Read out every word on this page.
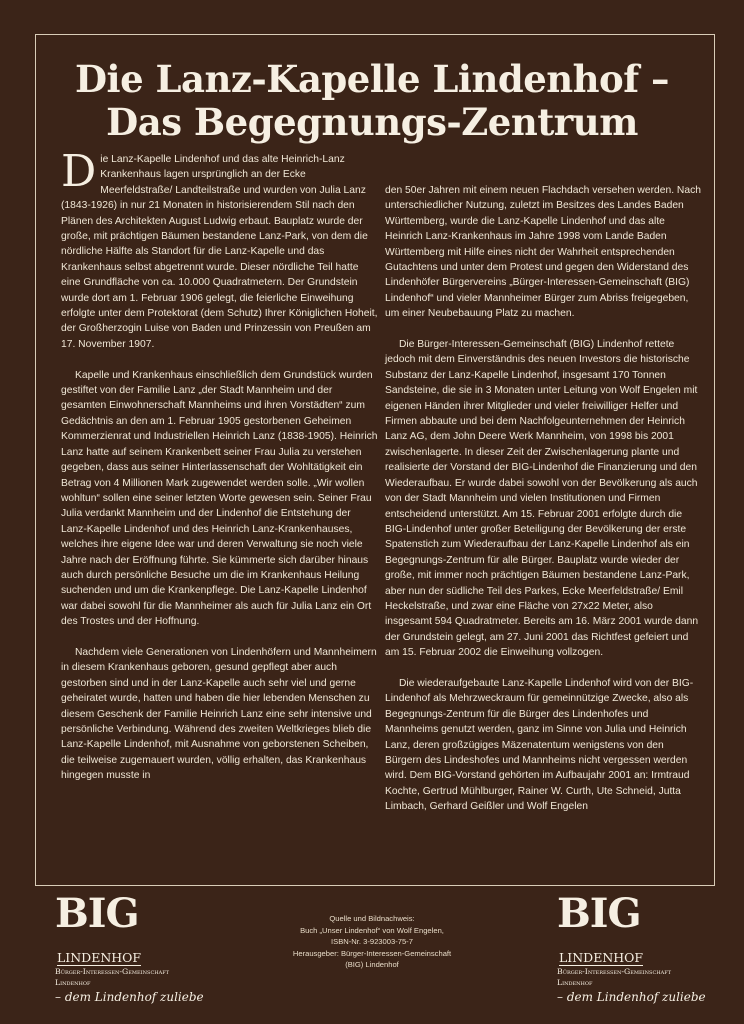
Die Lanz-Kapelle Lindenhof –
Das Begegnungs-Zentrum

Die Lanz-Kapelle Lindenhof und das alte Heinrich-Lanz Krankenhaus lagen ursprünglich an der Ecke Meerfeldstraße/ Landteilstraße und wurden von Julia Lanz (1843-1926) in nur 21 Monaten in historisierendem Stil nach den Plänen des Architekten August Ludwig erbaut. Bauplatz wurde der große, mit prächtigen Bäumen bestandene Lanz-Park, von dem die nördliche Hälfte als Standort für die Lanz-Kapelle und das Krankenhaus selbst abgetrennt wurde. Dieser nördliche Teil hatte eine Grundfläche von ca. 10.000 Quadratmetern. Der Grundstein wurde dort am 1. Februar 1906 gelegt, die feierliche Einweihung erfolgte unter dem Protektorat (dem Schutz) Ihrer Königlichen Hoheit, der Großherzogin Luise von Baden und Prinzessin von Preußen am 17. November 1907.

Kapelle und Krankenhaus einschließlich dem Grundstück wurden gestiftet von der Familie Lanz „der Stadt Mannheim und der gesamten Einwohnerschaft Mannheims und ihren Vorstädten“ zum Gedächtnis an den am 1. Februar 1905 gestorbenen Geheimen Kommerzienrat und Industriellen Heinrich Lanz (1838-1905). Heinrich Lanz hatte auf seinem Krankenbett seiner Frau Julia zu verstehen gegeben, dass aus seiner Hinterlassenschaft der Wohltätigkeit ein Betrag von 4 Millionen Mark zugewendet werden solle. „Wir wollen wohltun“ sollen eine seiner letzten Worte gewesen sein. Seiner Frau Julia verdankt Mannheim und der Lindenhof die Entstehung der Lanz-Kapelle Lindenhof und des Heinrich Lanz-Krankenhauses, welches ihre eigene Idee war und deren Verwaltung sie noch viele Jahre nach der Eröffnung führte. Sie kümmerte sich darüber hinaus auch durch persönliche Besuche um die im Krankenhaus Heilung suchenden und um die Krankenpflege. Die Lanz-Kapelle Lindenhof war dabei sowohl für die Mannheimer als auch für Julia Lanz ein Ort des Trostes und der Hoffnung.

Nachdem viele Generationen von Lindenhöfern und Mannheimern in diesem Krankenhaus geboren, gesund gepflegt aber auch gestorben sind und in der Lanz-Kapelle auch sehr viel und gerne geheiratet wurde, hatten und haben die hier lebenden Menschen zu diesem Geschenk der Familie Heinrich Lanz eine sehr intensive und persönliche Verbindung. Während des zweiten Weltkrieges blieb die Lanz-Kapelle Lindenhof, mit Ausnahme von geborstenen Scheiben, die teilweise zugemauert wurden, völlig erhalten, das Krankenhaus hingegen musste in

den 50er Jahren mit einem neuen Flachdach versehen werden. Nach unterschiedlicher Nutzung, zuletzt im Besitzes des Landes Baden Württemberg, wurde die Lanz-Kapelle Lindenhof und das alte Heinrich Lanz-Krankenhaus im Jahre 1998 vom Lande Baden Württemberg mit Hilfe eines nicht der Wahrheit entsprechenden Gutachtens und unter dem Protest und gegen den Widerstand des Lindenhöfer Bürgervereins „Bürger-Interessen-Gemeinschaft (BIG) Lindenhof“ und vieler Mannheimer Bürger zum Abriss freigegeben, um einer Neubebauung Platz zu machen.

Die Bürger-Interessen-Gemeinschaft (BIG) Lindenhof rettete jedoch mit dem Einverständnis des neuen Investors die historische Substanz der Lanz-Kapelle Lindenhof, insgesamt 170 Tonnen Sandsteine, die sie in 3 Monaten unter Leitung von Wolf Engelen mit eigenen Händen ihrer Mitglieder und vieler freiwilliger Helfer und Firmen abbaute und bei dem Nachfolgeunternehmen der Heinrich Lanz AG, dem John Deere Werk Mannheim, von 1998 bis 2001 zwischenlagerte. In dieser Zeit der Zwischenlagerung plante und realisierte der Vorstand der BIG-Lindenhof die Finanzierung und den Wiederaufbau. Er wurde dabei sowohl von der Bevölkerung als auch von der Stadt Mannheim und vielen Institutionen und Firmen entscheidend unterstützt. Am 15. Februar 2001 erfolgte durch die BIG-Lindenhof unter großer Beteiligung der Bevölkerung der erste Spatenstich zum Wiederaufbau der Lanz-Kapelle Lindenhof als ein Begegnungs-Zentrum für alle Bürger. Bauplatz wurde wieder der große, mit immer noch prächtigen Bäumen bestandene Lanz-Park, aber nun der südliche Teil des Parkes, Ecke Meerfeldstraße/ Emil Heckelstraße, und zwar eine Fläche von 27x22 Meter, also insgesamt 594 Quadratmeter. Bereits am 16. März 2001 wurde dann der Grundstein gelegt, am 27. Juni 2001 das Richtfest gefeiert und am 15. Februar 2002 die Einweihung vollzogen.

Die wiederaufgebaute Lanz-Kapelle Lindenhof wird von der BIG-Lindenhof als Mehrzweckraum für gemeinnützige Zwecke, also als Begegnungs-Zentrum für die Bürger des Lindenhofes und Mannheims genutzt werden, ganz im Sinne von Julia und Heinrich Lanz, deren großzügiges Mäzenatentum wenigstens von den Bürgern des Lindeshofes und Mannheims nicht vergessen werden wird. Dem BIG-Vorstand gehörten im Aufbaujahr 2001 an: Irmtraud Kochte, Gertrud Mühlburger, Rainer W. Curth, Ute Schneid, Jutta Limbach, Gerhard Geißler und Wolf Engelen

Quelle und Bildnachweis:
Buch „Unser Lindenhof“ von Wolf Engelen,
ISBN-Nr. 3-923003-75-7
Herausgeber: Bürger-Interessen-Gemeinschaft
(BIG) Lindenhof
BIGLINDENHOF
Bürger-Interessen-Gemeinschaft
Lindenhof
– dem Lindenhof zuliebe
BIGLINDENHOF
Bürger-Interessen-Gemeinschaft
Lindenhof
– dem Lindenhof zuliebe
